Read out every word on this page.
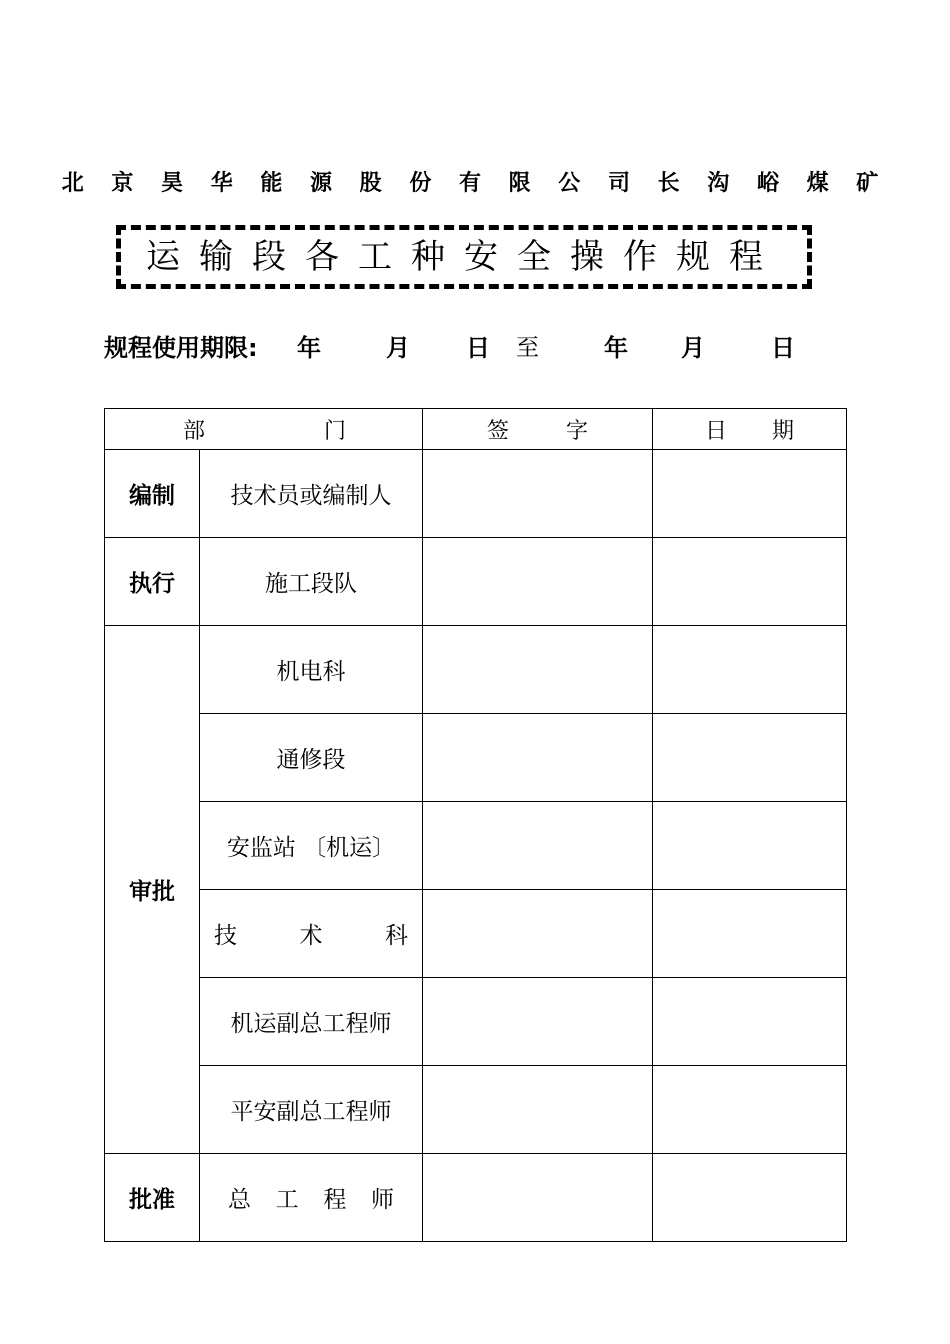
北 京 昊 华 能 源 股 份 有 限 公 司 长 沟 峪 煤 矿
运输段各工种安全操作规程
规程使用期限: 年	月 日 至	年 月	日
部 门		签 字	日 期

编制	技术员或编制人		
执行	施工段队		
审批	机电科		
	通修段		
	安监站 〔机运〕		

	技 术 科		

	机运副总工程师		
	平安副总工程师		
批准	总 工 程 师		
